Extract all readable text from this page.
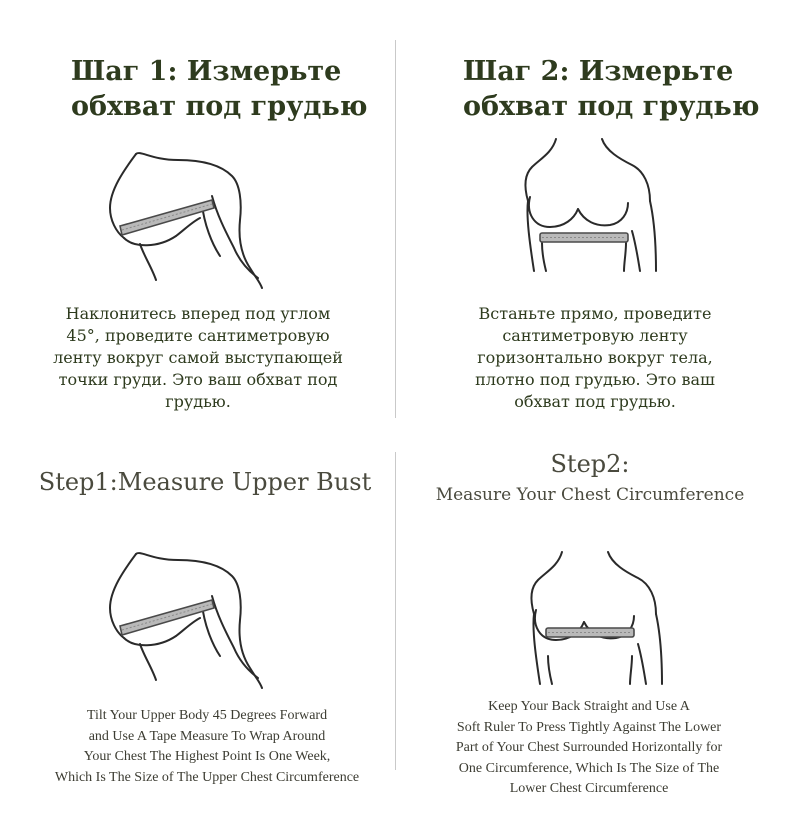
Шаг 1: Измерьте
обхват под грудью
Наклонитесь вперед под углом
45°, проведите сантиметровую
ленту вокруг самой выступающей
точки груди. Это ваш обхват под
грудью.
Шаг 2: Измерьте
обхват под грудью
Встаньте прямо, проведите
сантиметровую ленту
горизонтально вокруг тела,
плотно под грудью. Это ваш
обхват под грудью.
Step1:Measure Upper Bust
Tilt Your Upper Body 45 Degrees Forward
and Use A Tape Measure To Wrap Around
Your Chest The Highest Point Is One Week,
Which Is The Size of The Upper Chest Circumference
Step2:
Measure Your Chest Circumference
Keep Your Back Straight and Use A
Soft Ruler To Press Tightly Against The Lower
Part of Your Chest Surrounded Horizontally for
One Circumference, Which Is The Size of The
Lower Chest Circumference
